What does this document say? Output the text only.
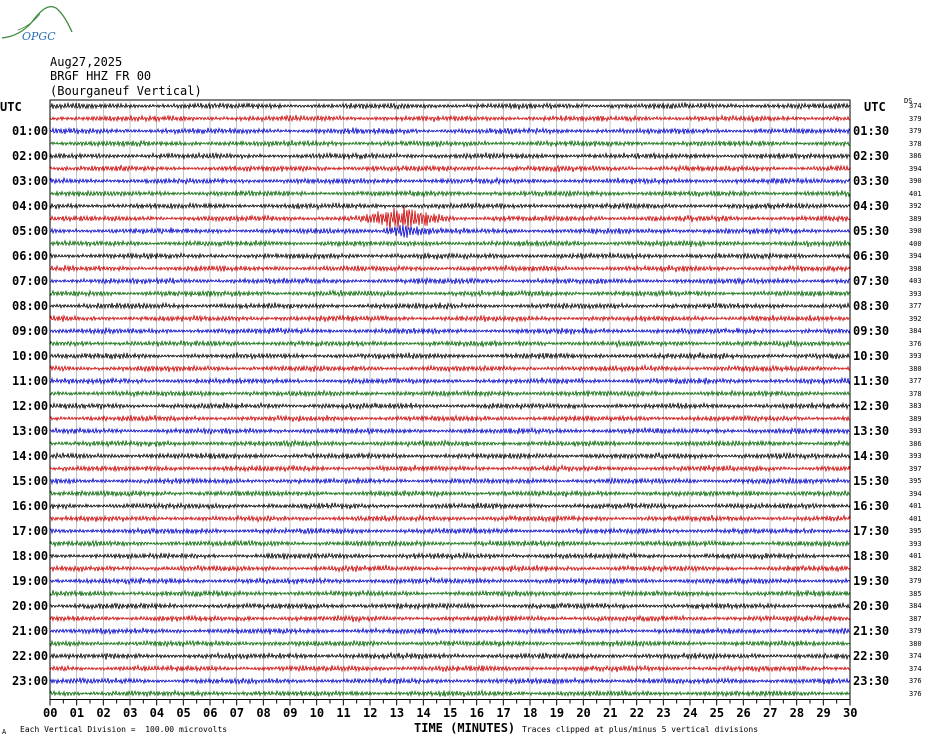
OPGC
Aug27,2025
BRGF HHZ FR 00
(Bourganeuf Vertical)
UTC	UTC	DS
01:00
02:00
03:00
04:00
05:00
06:00
07:00
08:00
09:00
10:00
11:00
12:00
13:00
14:00
15:00
16:00
17:00
18:00
19:00
20:00
21:00
22:00
23:00
01:30
02:30
03:30
04:30
05:30
06:30
07:30
08:30
09:30
10:30
11:30
12:30
13:30
14:30
15:30
16:30
17:30
18:30
19:30
20:30
21:30
22:30
23:30
374
379
379
378
386
394
390
401
392
389
390
400
394
398
403
393
377
392
384
376
393
380
377
378
383
389
393
386
393
397
395
394
401
401
395
393
401
382
379
385
384
387
379
380
374
374
376
376
00 01 02 03 04 05 06 07 08 09 10 11 12 13 14 15 16 17 18 19 20 21 22 23 24 25 26 27 28 29 30
TIME (MINUTES)
A Each Vertical Division =  100.00 microvolts	Traces clipped at plus/minus 5 vertical divisions
